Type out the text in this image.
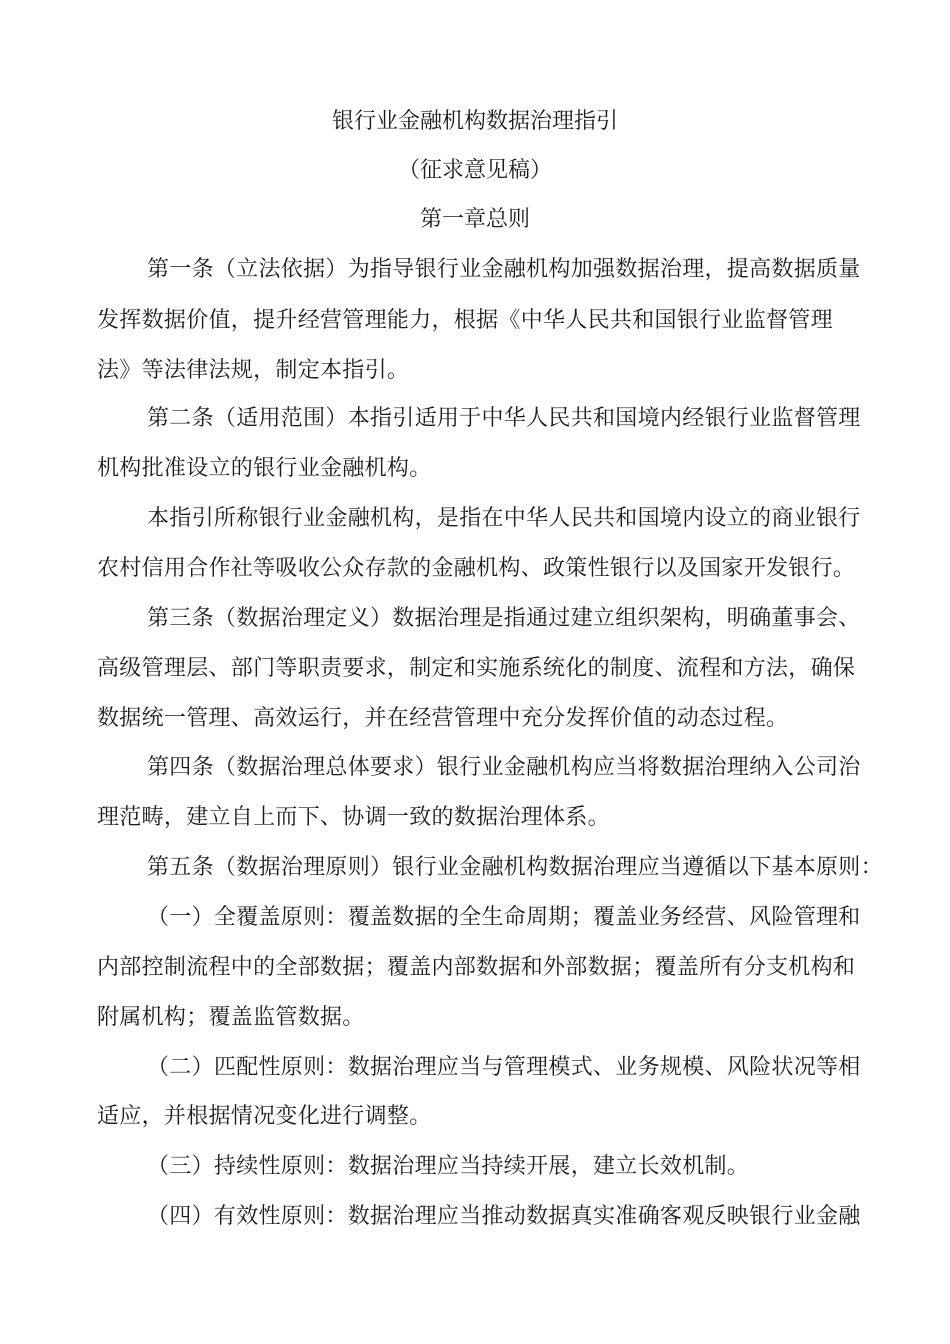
银行业金融机构数据治理指引
（征求意见稿）
第一章总则
第一条（立法依据）为指导银行业金融机构加强数据治理，提高数据质量
发挥数据价值，提升经营管理能力，根据《中华人民共和国银行业监督管理
法》等法律法规，制定本指引。
第二条（适用范围）本指引适用于中华人民共和国境内经银行业监督管理
机构批准设立的银行业金融机构。
本指引所称银行业金融机构，是指在中华人民共和国境内设立的商业银行
农村信用合作社等吸收公众存款的金融机构、政策性银行以及国家开发银行。
第三条（数据治理定义）数据治理是指通过建立组织架构，明确董事会、
高级管理层、部门等职责要求，制定和实施系统化的制度、流程和方法，确保
数据统一管理、高效运行，并在经营管理中充分发挥价值的动态过程。
第四条（数据治理总体要求）银行业金融机构应当将数据治理纳入公司治
理范畴，建立自上而下、协调一致的数据治理体系。
第五条（数据治理原则）银行业金融机构数据治理应当遵循以下基本原则：
（一）全覆盖原则：覆盖数据的全生命周期；覆盖业务经营、风险管理和
内部控制流程中的全部数据；覆盖内部数据和外部数据；覆盖所有分支机构和
附属机构；覆盖监管数据。
（二）匹配性原则：数据治理应当与管理模式、业务规模、风险状况等相
适应，并根据情况变化进行调整。
（三）持续性原则：数据治理应当持续开展，建立长效机制。
（四）有效性原则：数据治理应当推动数据真实准确客观反映银行业金融
